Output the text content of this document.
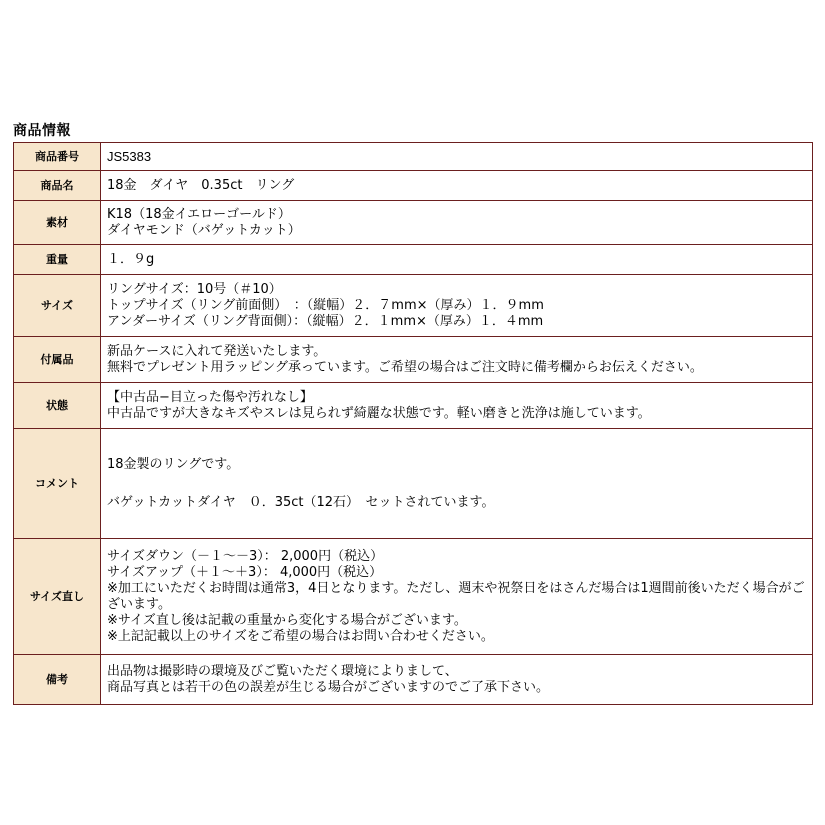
商品情報
商品番号	JS5383

商品名	18金　ダイヤ　0.35ct　リング

素材	K18（18金イエローゴールド）
ダイヤモンド（バゲットカット）

重量	１．９g

サイズ	リングサイズ：10号（＃10）
トップサイズ（リング前面側）　：（縦幅）２．７mm×（厚み）１．９mm
アンダーサイズ（リング背面側）：（縦幅）２．１mm×（厚み）１．４mm

付属品	新品ケースに入れて発送いたします。
無料でプレゼント用ラッピング承っています。ご希望の場合はご注文時に備考欄からお伝えください。

状態	【中古品−目立った傷や汚れなし】
中古品ですが大きなキズやスレは見られず綺麗な状態です。軽い磨きと洗浄は施しています。

コメント	18金製のリングです。
バゲットカットダイヤ　０．35ct（12石）　セットされています。

サイズ直し	サイズダウン（－１～－3）： 2,000円（税込）
サイズアップ（＋１～＋3）： 4,000円（税込）
※加工にいただくお時間は通常3，4日となります。ただし、週末や祝祭日をはさんだ場合は1週間前後いただく場合がございます。
※サイズ直し後は記載の重量から変化する場合がございます。
※上記記載以上のサイズをご希望の場合はお問い合わせください。

備考	出品物は撮影時の環境及びご覧いただく環境によりまして、
商品写真とは若干の色の誤差が生じる場合がございますのでご了承下さい。
